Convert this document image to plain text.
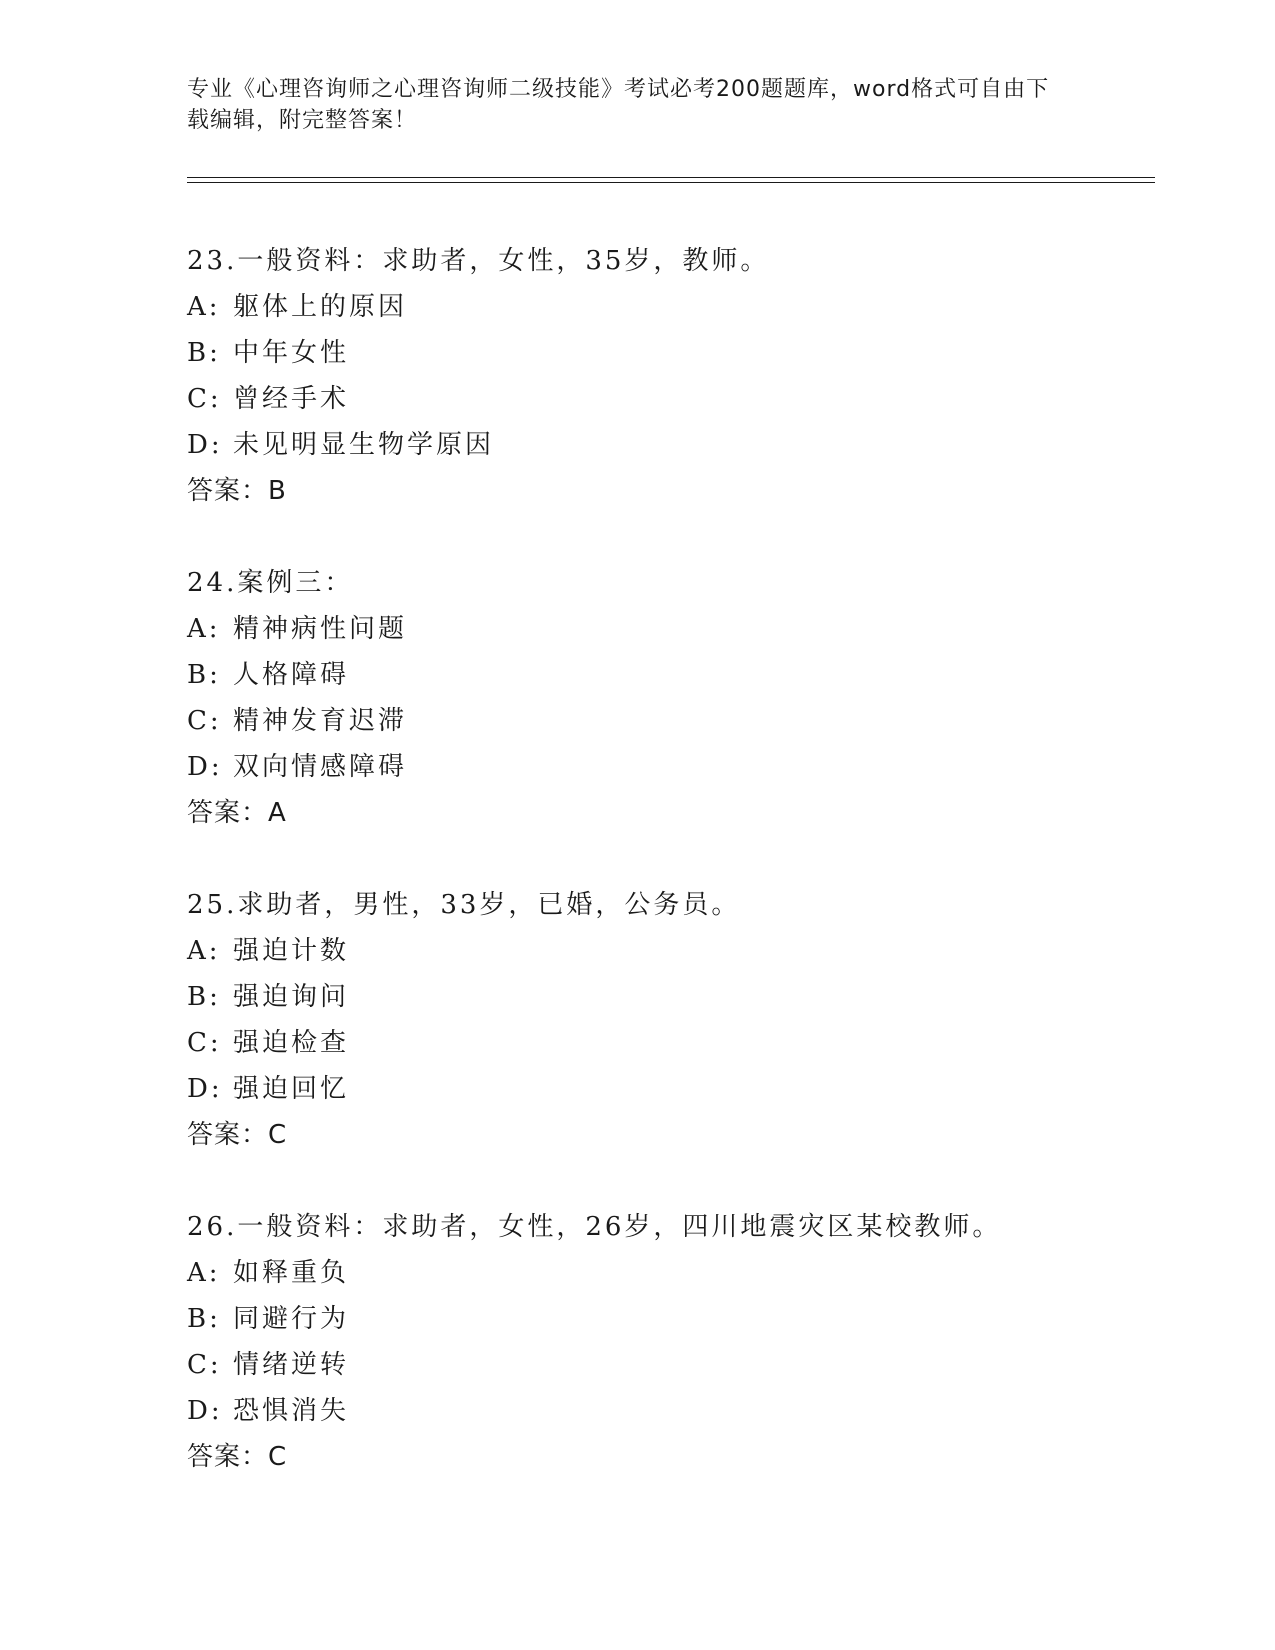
专业《心理咨询师之心理咨询师二级技能》考试必考200题题库，word格式可自由下载编辑，附完整答案！
23.一般资料：求助者，女性，35岁，教师。
A: 躯体上的原因
B: 中年女性
C: 曾经手术
D: 未见明显生物学原因
答案：B
24.案例三：
A: 精神病性问题
B: 人格障碍
C: 精神发育迟滞
D: 双向情感障碍
答案：A
25.求助者，男性，33岁，已婚，公务员。
A: 强迫计数
B: 强迫询问
C: 强迫检查
D: 强迫回忆
答案：C
26.一般资料：求助者，女性，26岁，四川地震灾区某校教师。
A: 如释重负
B: 同避行为
C: 情绪逆转
D: 恐惧消失
答案：C
